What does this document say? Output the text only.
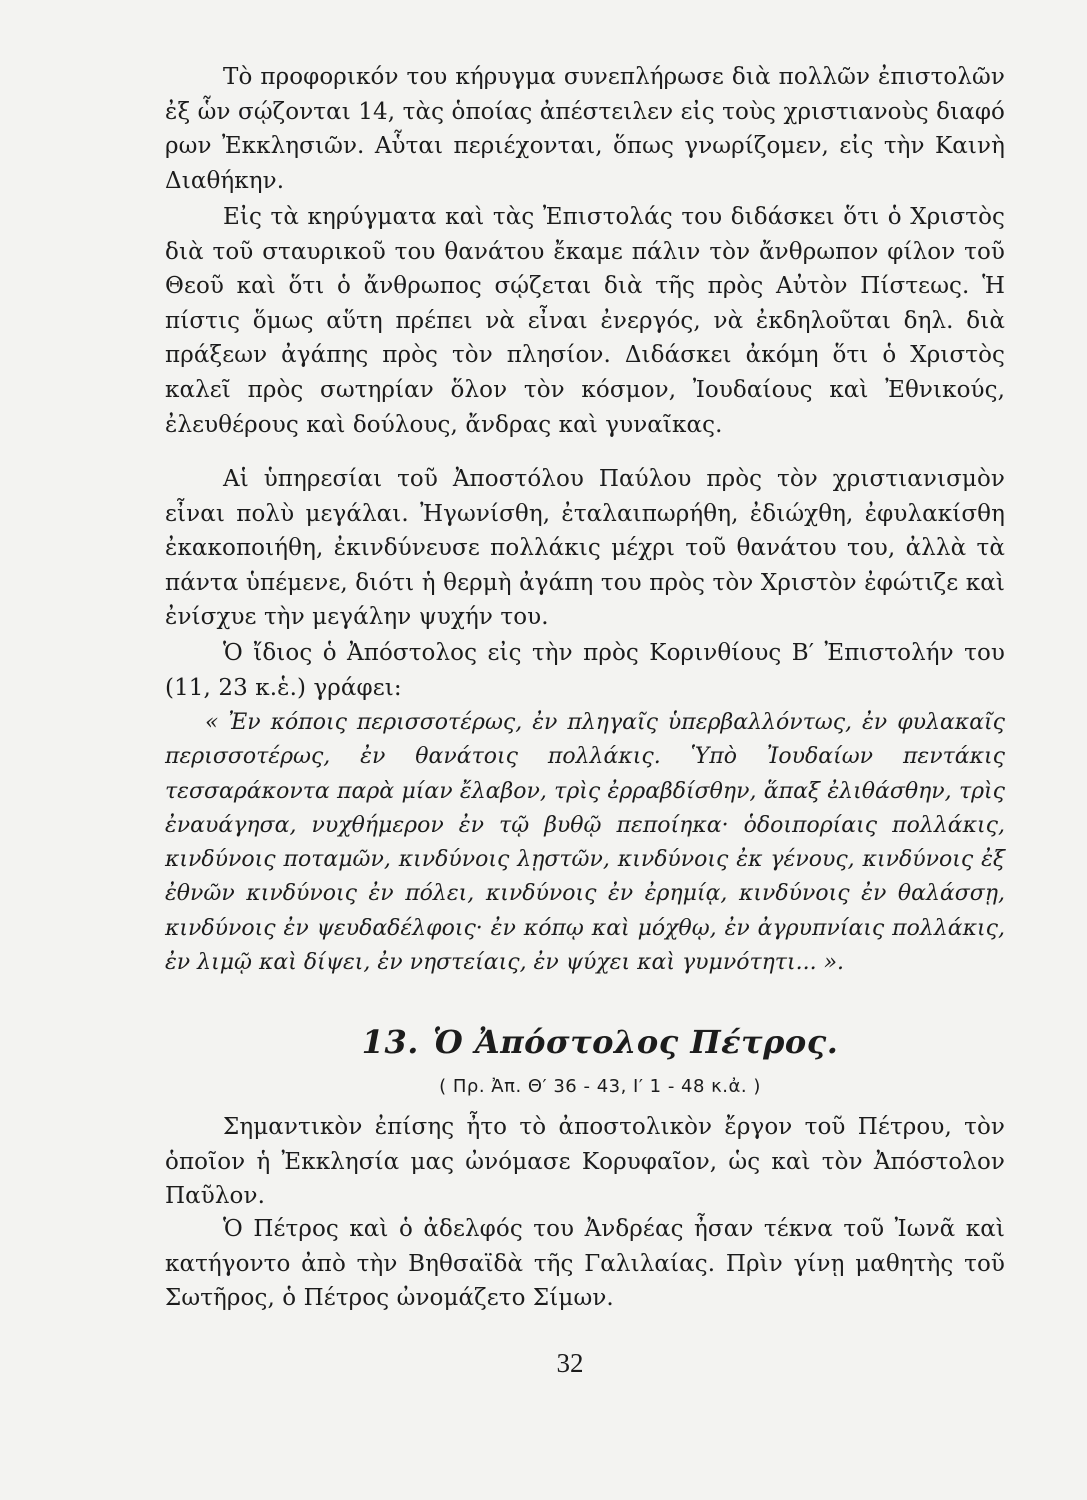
Τὸ προφορικόν του κήρυγμα συνεπλήρωσε διὰ πολλῶν ἐπιστολῶν ἐξ ὧν σῴζονται 14, τὰς ὁποίας ἀπέστειλεν εἰς τοὺς χριστιανοὺς διαφό ρων Ἐκκλησιῶν. Αὗται περιέχονται, ὅπως γνωρίζομεν, εἰς τὴν Καινὴ Διαθήκην.

Εἰς τὰ κηρύγματα καὶ τὰς Ἐπιστολάς του διδάσκει ὅτι ὁ Χριστὸς διὰ τοῦ σταυρικοῦ του θανάτου ἔκαμε πάλιν τὸν ἄνθρωπον φίλον τοῦ Θεοῦ καὶ ὅτι ὁ ἄνθρωπος σῴζεται διὰ τῆς πρὸς Αὐτὸν Πίστεως. Ἡ πίστις ὅμως αὕτη πρέπει νὰ εἶναι ἐνεργός, νὰ ἐκδηλοῦται δηλ. διὰ πράξεων ἀγάπης πρὸς τὸν πλησίον. Διδάσκει ἀκόμη ὅτι ὁ Χριστὸς καλεῖ πρὸς σωτηρίαν ὅλον τὸν κόσμον, Ἰουδαίους καὶ Ἐθνικούς, ἐλευθέρους καὶ δούλους, ἄνδρας καὶ γυναῖκας.

Αἱ ὑπηρεσίαι τοῦ Ἀποστόλου Παύλου πρὸς τὸν χριστιανισμὸν εἶναι πολὺ μεγάλαι. Ἠγωνίσθη, ἐταλαιπωρήθη, ἐδιώχθη, ἐφυλακίσθη ἐκακοποιήθη, ἐκινδύνευσε πολλάκις μέχρι τοῦ θανάτου του, ἀλλὰ τὰ πάντα ὑπέμενε, διότι ἡ θερμὴ ἀγάπη του πρὸς τὸν Χριστὸν ἐφώτιζε καὶ ἐνίσχυε τὴν μεγάλην ψυχήν του.

Ὁ ἴδιος ὁ Ἀπόστολος εἰς τὴν πρὸς Κορινθίους Β′ Ἐπιστολήν του (11, 23 κ.ἑ.) γράφει:

« Ἐν κόποις περισσοτέρως, ἐν πληγαῖς ὑπερβαλλόντως, ἐν φυλακαῖς περισσοτέρως, ἐν θανάτοις πολλάκις. Ὑπὸ Ἰουδαίων πεντάκις τεσσαράκοντα παρὰ μίαν ἔλαβον, τρὶς ἐρραβδίσθην, ἅπαξ ἐλιθάσθην, τρὶς ἐναυάγησα, νυχθήμερον ἐν τῷ βυθῷ πεποίηκα· ὁδοιπορίαις πολλάκις, κινδύνοις ποταμῶν, κινδύνοις λῃστῶν, κινδύνοις ἐκ γένους, κινδύνοις ἐξ ἐθνῶν κινδύνοις ἐν πόλει, κινδύνοις ἐν ἐρημίᾳ, κινδύνοις ἐν θαλάσσῃ, κινδύνοις ἐν ψευδαδέλφοις· ἐν κόπῳ καὶ μόχθῳ, ἐν ἀγρυπνίαις πολλάκις, ἐν λιμῷ καὶ δίψει, ἐν νηστείαις, ἐν ψύχει καὶ γυμνότητι... ».

13. Ὁ Ἀπόστολος Πέτρος.
( Πρ. Ἀπ. Θ′ 36 - 43, Ι′ 1 - 48 κ.ἀ. )

Σημαντικὸν ἐπίσης ἦτο τὸ ἀποστολικὸν ἔργον τοῦ Πέτρου, τὸν ὁποῖον ἡ Ἐκκλησία μας ὠνόμασε Κορυφαῖον, ὡς καὶ τὸν Ἀπόστολον Παῦλον.

Ὁ Πέτρος καὶ ὁ ἀδελφός του Ἀνδρέας ἦσαν τέκνα τοῦ Ἰωνᾶ καὶ κατήγοντο ἀπὸ τὴν Βηθσαϊδὰ τῆς Γαλιλαίας. Πρὶν γίνῃ μαθητὴς τοῦ Σωτῆρος, ὁ Πέτρος ὠνομάζετο Σίμων.

32
